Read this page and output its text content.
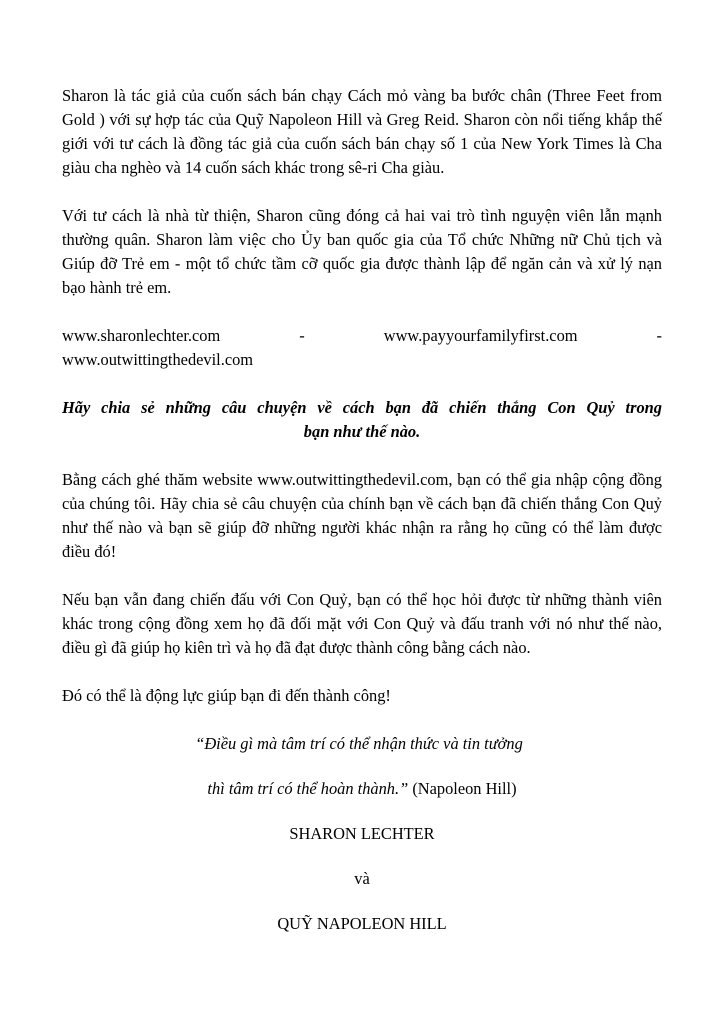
Sharon là tác giả của cuốn sách bán chạy Cách mỏ vàng ba bước chân (Three Feet from Gold ) với sự hợp tác của Quỹ Napoleon Hill và Greg Reid. Sharon còn nổi tiếng khắp thế giới với tư cách là đồng tác giả của cuốn sách bán chạy số 1 của New York Times là Cha giàu cha nghèo và 14 cuốn sách khác trong sê-ri Cha giàu.

Với tư cách là nhà từ thiện, Sharon cũng đóng cả hai vai trò tình nguyện viên lẫn mạnh thường quân. Sharon làm việc cho Ủy ban quốc gia của Tổ chức Những nữ Chủ tịch và Giúp đỡ Trẻ em - một tổ chức tầm cỡ quốc gia được thành lập để ngăn cản và xử lý nạn bạo hành trẻ em.

www.sharonlechter.com	-	www.payyourfamilyfirst.com	-
www.outwittingthedevil.com
Hãy chia sẻ những câu chuyện về cách bạn đã chiến thắng Con Quỷ trong
bạn như thế nào.

Bằng cách ghé thăm website www.outwittingthedevil.com, bạn có thể gia nhập cộng đồng của chúng tôi. Hãy chia sẻ câu chuyện của chính bạn về cách bạn đã chiến thắng Con Quỷ như thế nào và bạn sẽ giúp đỡ những người khác nhận ra rằng họ cũng có thể làm được điều đó!

Nếu bạn vẫn đang chiến đấu với Con Quỷ, bạn có thể học hỏi được từ những thành viên khác trong cộng đồng xem họ đã đối mặt với Con Quỷ và đấu tranh với nó như thế nào, điều gì đã giúp họ kiên trì và họ đã đạt được thành công bằng cách nào.

Đó có thể là động lực giúp bạn đi đến thành công!

“Điều gì mà tâm trí có thể nhận thức và tin tưởng
thì tâm trí có thể hoàn thành.” (Napoleon Hill)
SHARON LECHTER
và
QUỸ NAPOLEON HILL
